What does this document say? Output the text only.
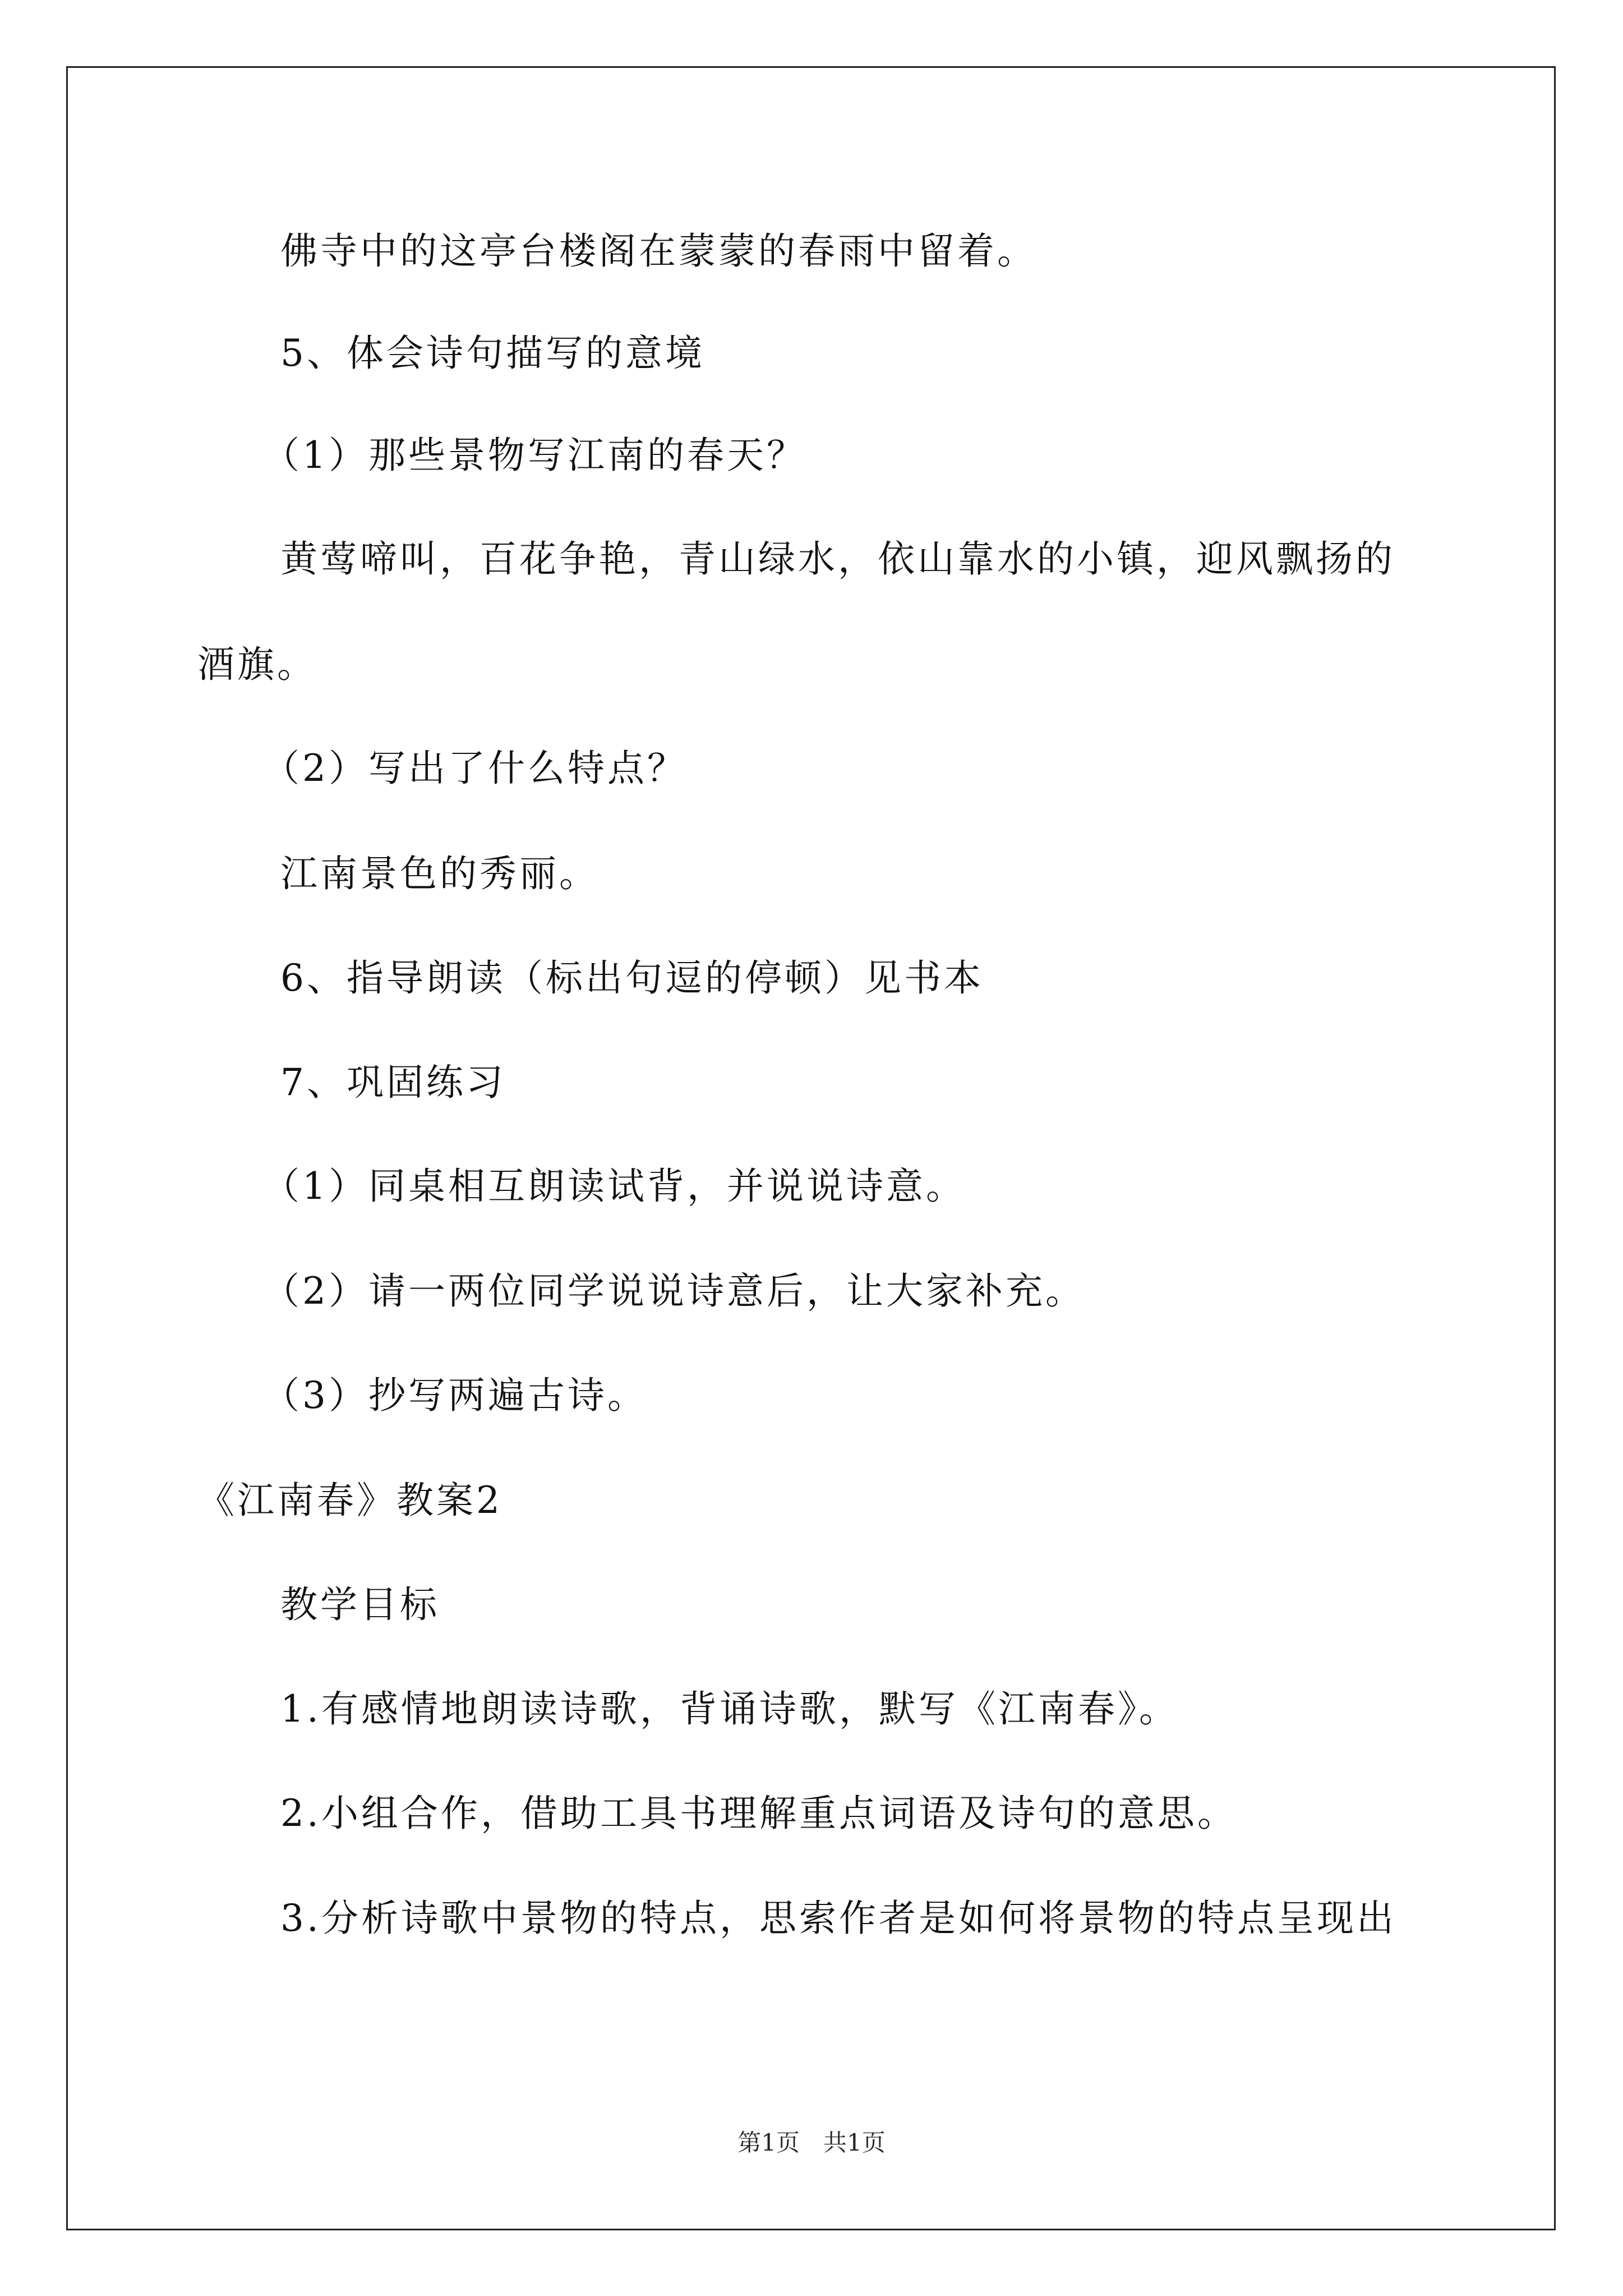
佛寺中的这亭台楼阁在蒙蒙的春雨中留着。
5、体会诗句描写的意境
（1）那些景物写江南的春天？
黄莺啼叫，百花争艳，青山绿水，依山靠水的小镇，迎风飘扬的
酒旗。
（2）写出了什么特点？
江南景色的秀丽。
6、指导朗读（标出句逗的停顿）见书本
7、巩固练习
（1）同桌相互朗读试背，并说说诗意。
（2）请一两位同学说说诗意后，让大家补充。
（3）抄写两遍古诗。
《江南春》教案2
教学目标
1.有感情地朗读诗歌，背诵诗歌，默写《江南春》。
2.小组合作，借助工具书理解重点词语及诗句的意思。
3.分析诗歌中景物的特点，思索作者是如何将景物的特点呈现出
第1页　共1页
